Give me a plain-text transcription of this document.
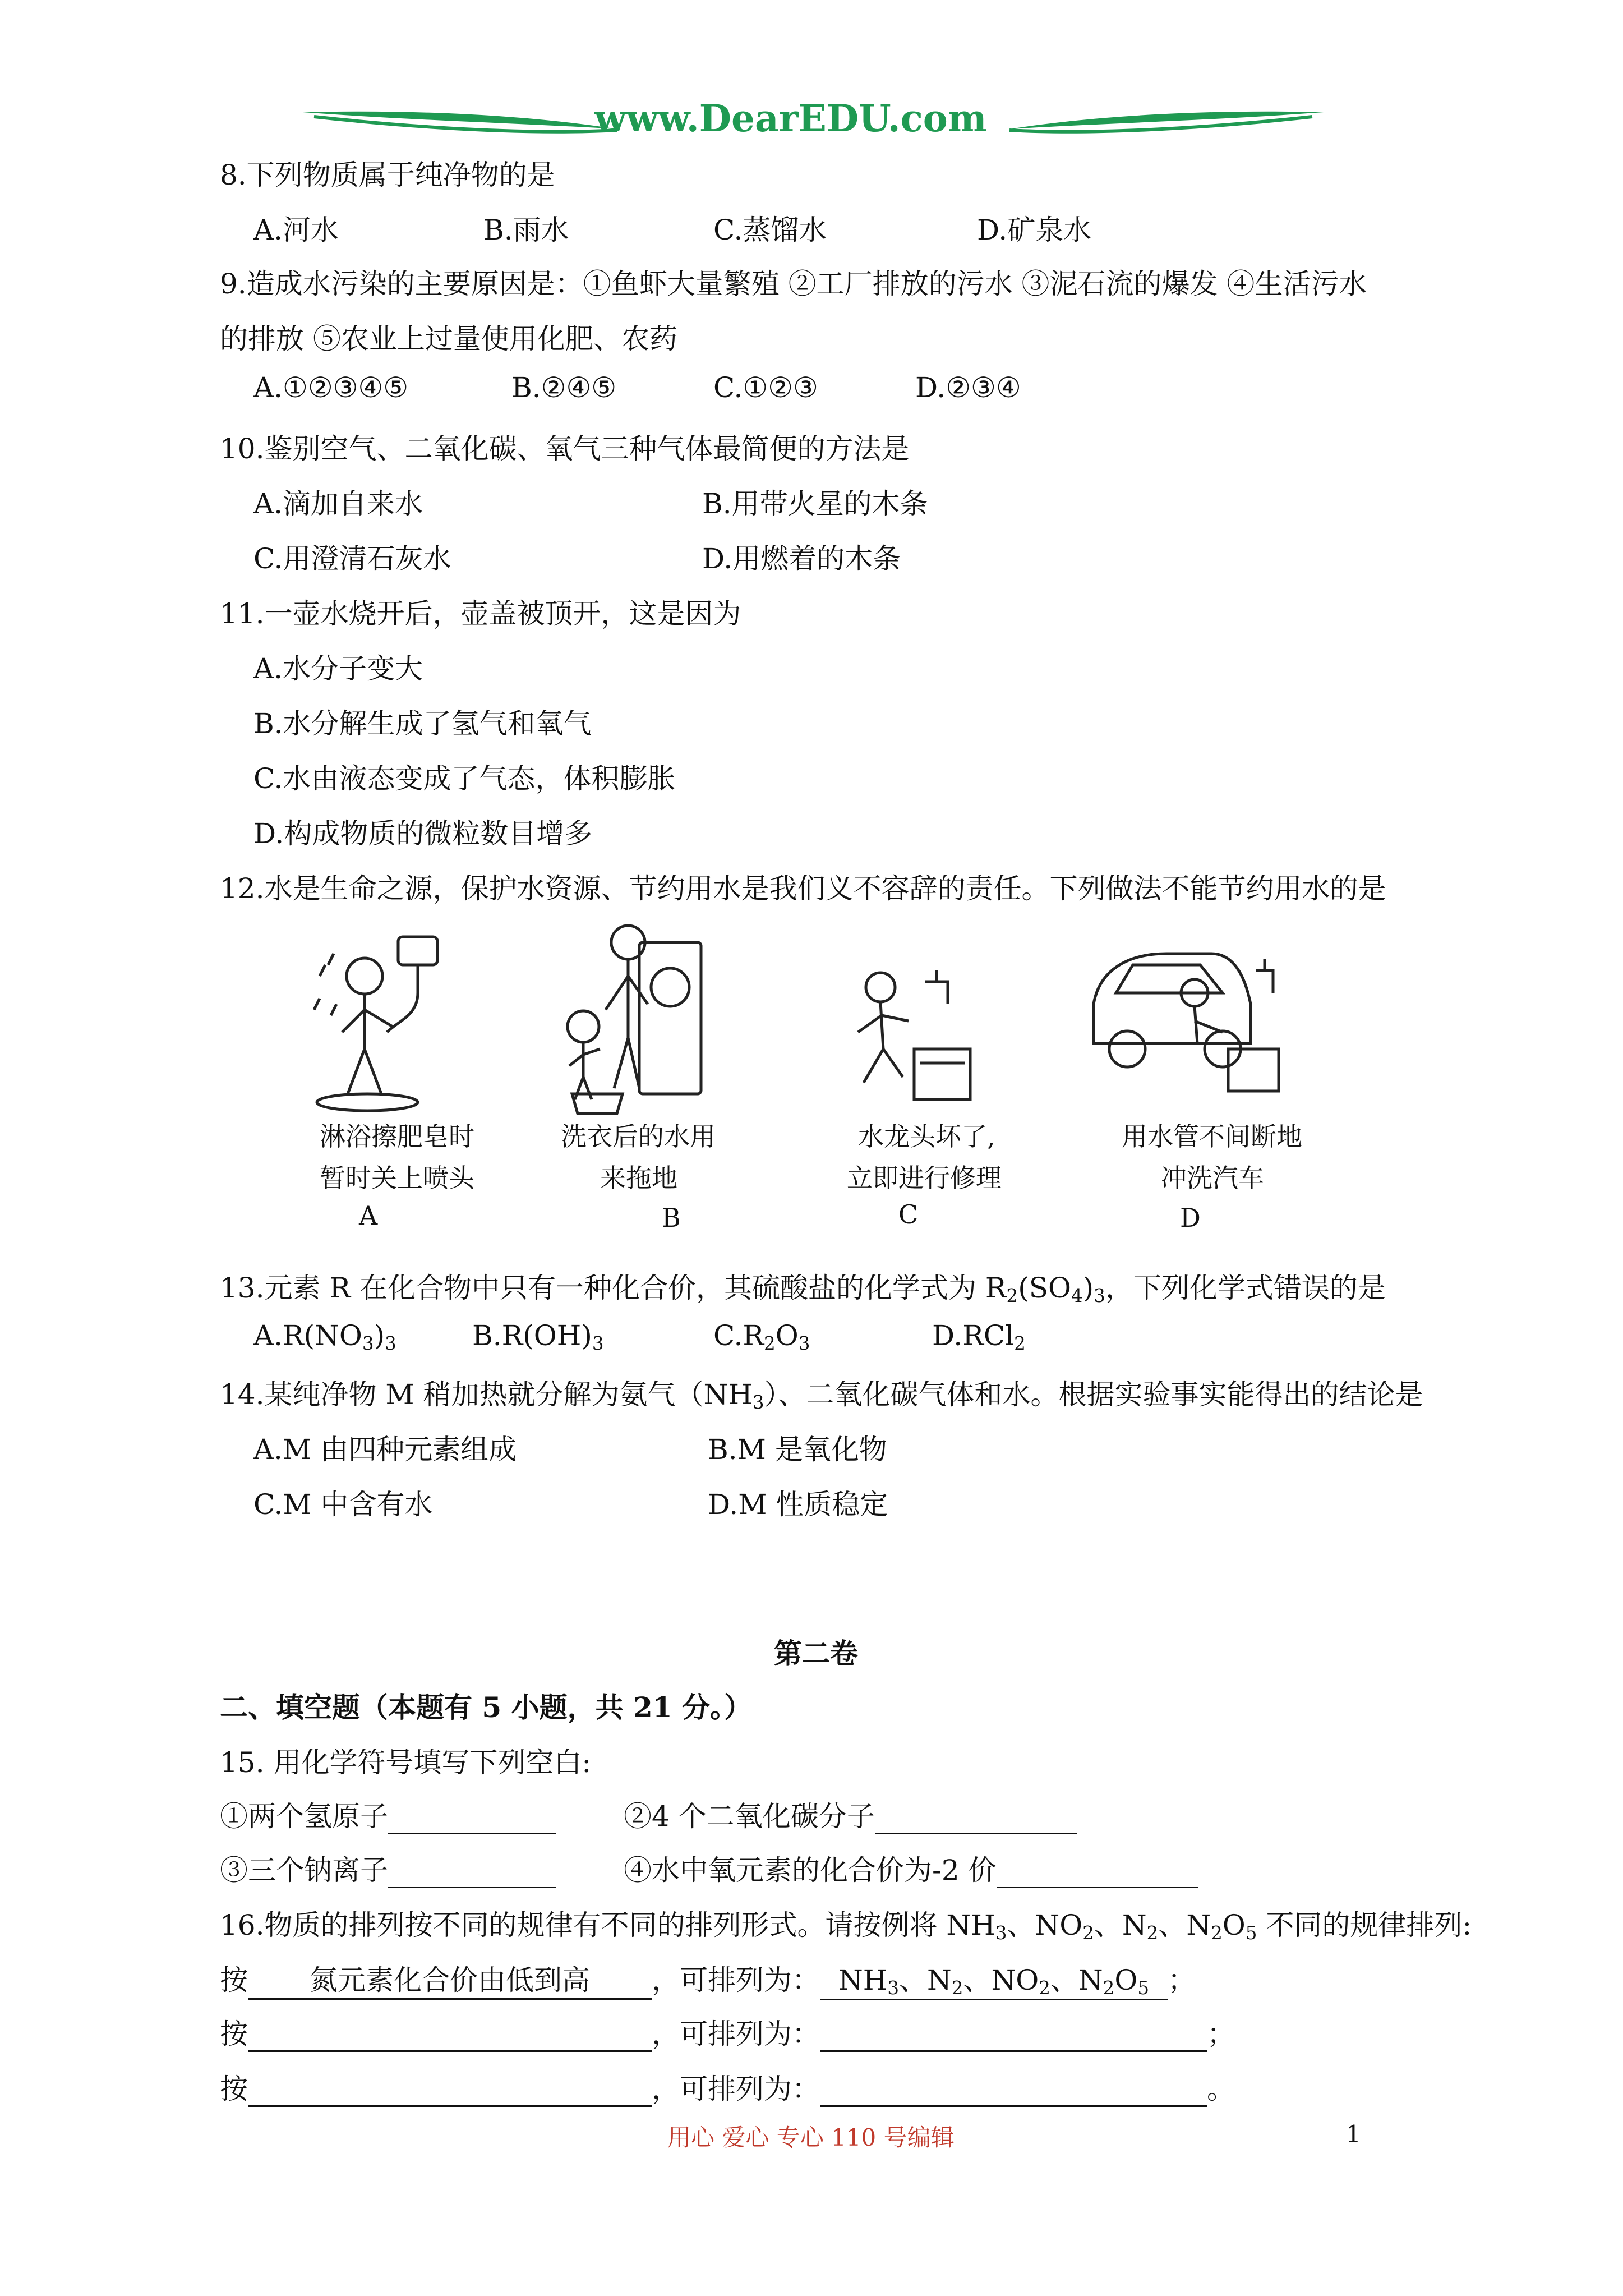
www.DearEDU.com
8.下列物质属于纯净物的是
A.河水	B.雨水	C.蒸馏水	D.矿泉水
9.造成水污染的主要原因是：①鱼虾大量繁殖 ②工厂排放的污水 ③泥石流的爆发 ④生活污水
的排放 ⑤农业上过量使用化肥、农药
A.①②③④⑤	B.②④⑤	C.①②③	D.②③④
10.鉴别空气、二氧化碳、氧气三种气体最简便的方法是
A.滴加自来水	B.用带火星的木条
C.用澄清石灰水	D.用燃着的木条
11.一壶水烧开后，壶盖被顶开，这是因为
A.水分子变大
B.水分解生成了氢气和氧气
C.水由液态变成了气态，体积膨胀
D.构成物质的微粒数目增多
12.水是生命之源，保护水资源、节约用水是我们义不容辞的责任。下列做法不能节约用水的是
淋浴擦肥皂时
暂时关上喷头
A
洗衣后的水用
来拖地
B
水龙头坏了,
立即进行修理
C
用水管不间断地
冲洗汽车
D
13.元素 R 在化合物中只有一种化合价，其硫酸盐的化学式为 $R_2(SO_4)_3$，下列化学式错误的是
$A.R(NO_3)_3$	$B.R(OH)_3$	$C.R_2O_3$	D.RCl$_2$
14.某纯净物 M 稍加热就分解为氨气$(NH_3)$、二氧化碳气体和水。根据实验事实能得出的结论是
A.M 由四种元素组成	B.M 是氧化物
C.M 中含有水	D.M 性质稳定
第二卷
二、填空题（本题有 5 小题，共 21 分。）
15. 用化学符号填写下列空白:
①两个氢原子	②4 个二氧化碳分子
③三个钠离子	④水中氧元素的化合价为-2 价
16.物质的排列按不同的规律有不同的排列形式。请按例将 $NH_3$、$NO_2$、$N_2$、$N_2O_5$ 不同的规律排列:
按 氮元素化合价由低到高 ，可排列为： $NH_3$、$N_2$、$NO_2$、$N_2O_5$ ；
按	，可排列为：	；
按	，可排列为：	。
用心 爱心 专心 110 号编辑	1
